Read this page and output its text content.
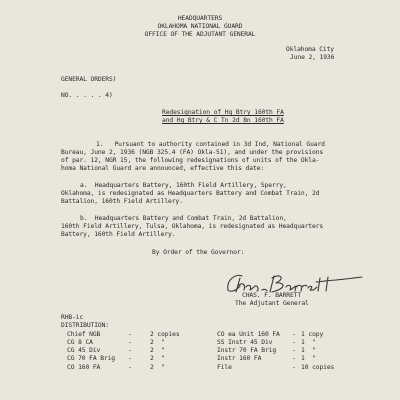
HEADQUARTERS
OKLAHOMA NATIONAL GUARD
OFFICE OF THE ADJUTANT GENERAL
Oklahoma City
June 2, 1936
GENERAL ORDERS)
NO. . . . . 4)
Redesignation of Hq Btry 160th FA
and Hq Btry & C Tn 2d Bn 160th FA
1.   Pursuant to authority contained in 3d Ind, National Guard
Bureau, June 2, 1936 (NGB 325.4 (FA) Okla-51), and under the provisions
of par. 12, NGR 15, the following redesignations of units of the Okla-
homa National Guard are announced, effective this date:
a.  Headquarters Battery, 160th Field Artillery, Sperry,
Oklahoma, is redesignated as Headquarters Battery and Combat Train, 2d
Battalion, 160th Field Artillery.
b.  Headquarters Battery and Combat Train, 2d Battalion,
160th Field Artillery, Tulsa, Oklahoma, is redesignated as Headquarters
Battery, 160th Field Artillery.
By Order of the Governor:
CHAS. F. BARRETT
The Adjutant General
RHB-ic
DISTRIBUTION:
Chief NGB	-	2 copies
CG 8 CA	-	2  "
CG 45 Div	-	2  "
CG 70 FA Brig -	2  "
CO 160 FA	-	2  "
CO ea Unit 160 FA - 1 copy
SS Instr 45 Div	- 1  "
Instr 70 FA Brig	- 1  "
Instr 160 FA	- 1  "
File	- 10 copies
